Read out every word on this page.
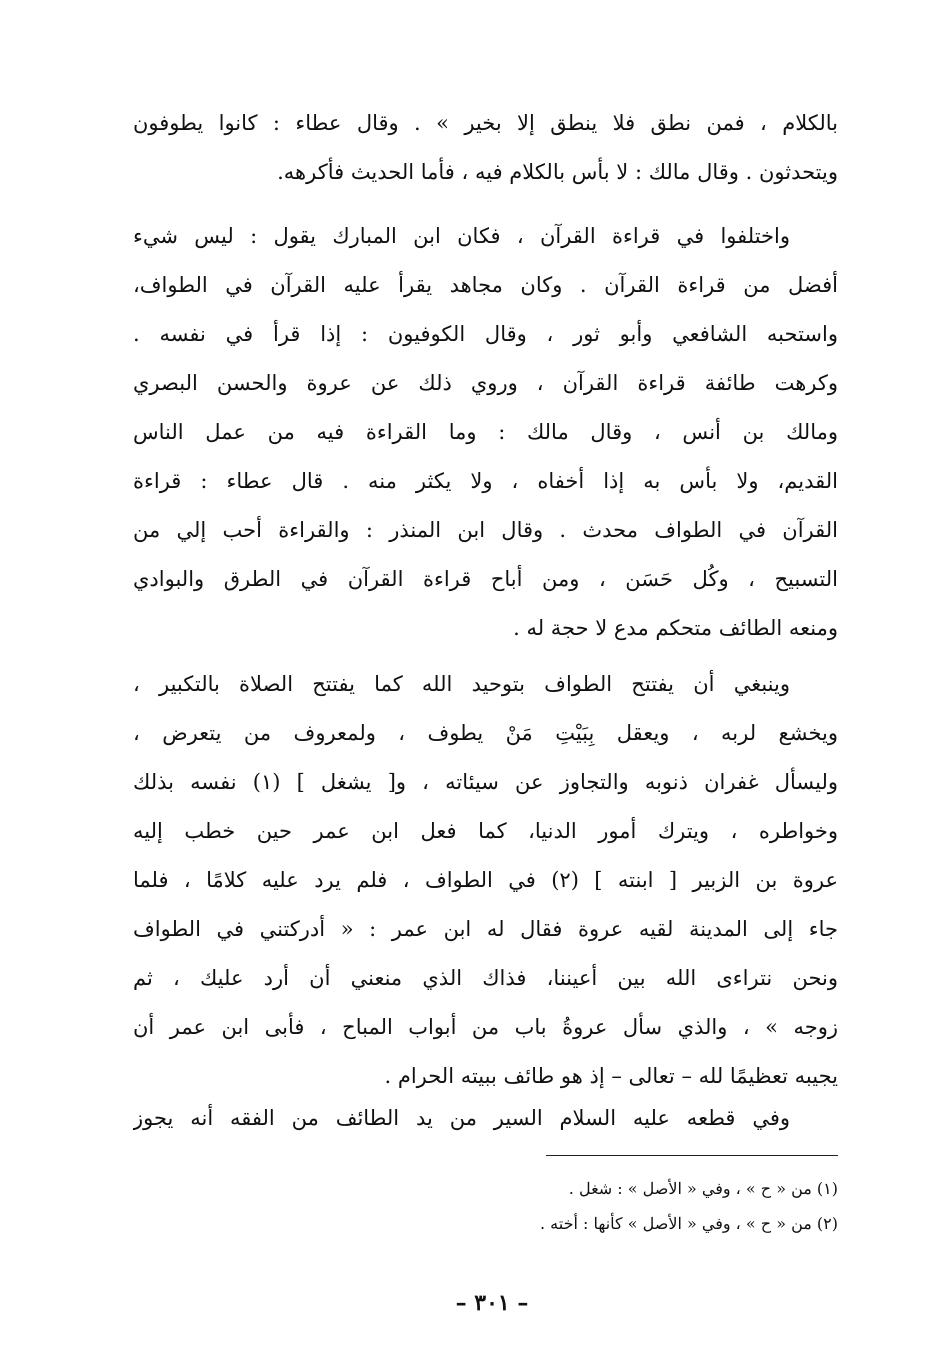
بالكلام ، فمن نطق فلا ينطق إلا بخير » . وقال عطاء : كانوا يطوفون
ويتحدثون . وقال مالك : لا بأس بالكلام فيه ، فأما الحديث فأكرهه.
واختلفوا في قراءة القرآن ، فكان ابن المبارك يقول : ليس شيء
أفضل من قراءة القرآن . وكان مجاهد يقرأ عليه القرآن في الطواف،
واستحبه الشافعي وأبو ثور ، وقال الكوفيون : إذا قرأ في نفسه .
وكرهت طائفة قراءة القرآن ، وروي ذلك عن عروة والحسن البصري
ومالك بن أنس ، وقال مالك : وما القراءة فيه من عمل الناس
القديم، ولا بأس به إذا أخفاه ، ولا يكثر منه . قال عطاء : قراءة
القرآن في الطواف محدث . وقال ابن المنذر : والقراءة أحب إلي من
التسبيح ، وكُل حَسَن ، ومن أباح قراءة القرآن في الطرق والبوادي
ومنعه الطائف متحكم مدع لا حجة له .
وينبغي أن يفتتح الطواف بتوحيد الله كما يفتتح الصلاة بالتكبير ،
ويخشع لربه ، ويعقل بِبَيْتِ مَنْ يطوف ، ولمعروف من يتعرض ،
وليسأل غفران ذنوبه والتجاوز عن سيئاته ، و[ يشغل ] (١) نفسه بذلك
وخواطره ، ويترك أمور الدنيا، كما فعل ابن عمر حين خطب إليه
عروة بن الزبير [ ابنته ] (٢) في الطواف ، فلم يرد عليه كلامًا ، فلما
جاء إلى المدينة لقيه عروة فقال له ابن عمر : « أدركتني في الطواف
ونحن نتراءى الله بين أعيننا، فذاك الذي منعني أن أرد عليك ، ثم
زوجه » ، والذي سأل عروةُ باب من أبواب المباح ، فأبى ابن عمر أن
يجيبه تعظيمًا لله – تعالى – إذ هو طائف ببيته الحرام .
وفي قطعه عليه السلام السير من يد الطائف من الفقه أنه يجوز
(١) من « ح » ، وفي « الأصل » : شغل .
(٢) من « ح » ، وفي « الأصل » كأنها : أخته .
– ٣٠١ –
